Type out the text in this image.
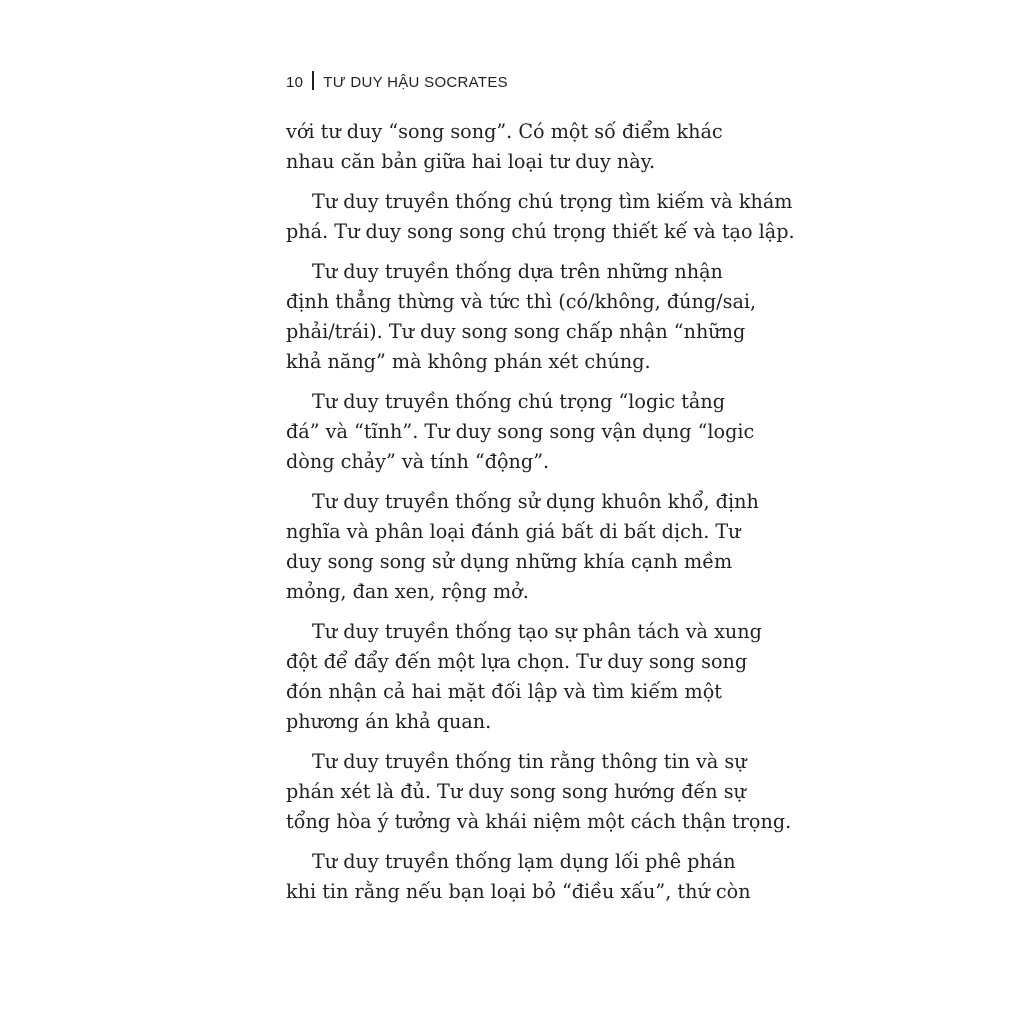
10 TƯ DUY HẬU SOCRATES
với tư duy “song song”. Có một số điểm khác
nhau căn bản giữa hai loại tư duy này.
Tư duy truyền thống chú trọng tìm kiếm và khám
phá. Tư duy song song chú trọng thiết kế và tạo lập.
Tư duy truyền thống dựa trên những nhận
định thẳng thừng và tức thì (có/không, đúng/sai,
phải/trái). Tư duy song song chấp nhận “những
khả năng” mà không phán xét chúng.
Tư duy truyền thống chú trọng “logic tảng
đá” và “tĩnh”. Tư duy song song vận dụng “logic
dòng chảy” và tính “động”.
Tư duy truyền thống sử dụng khuôn khổ, định
nghĩa và phân loại đánh giá bất di bất dịch. Tư
duy song song sử dụng những khía cạnh mềm
mỏng, đan xen, rộng mở.
Tư duy truyền thống tạo sự phân tách và xung
đột để đẩy đến một lựa chọn. Tư duy song song
đón nhận cả hai mặt đối lập và tìm kiếm một
phương án khả quan.
Tư duy truyền thống tin rằng thông tin và sự
phán xét là đủ. Tư duy song song hướng đến sự
tổng hòa ý tưởng và khái niệm một cách thận trọng.
Tư duy truyền thống lạm dụng lối phê phán
khi tin rằng nếu bạn loại bỏ “điều xấu”, thứ còn
